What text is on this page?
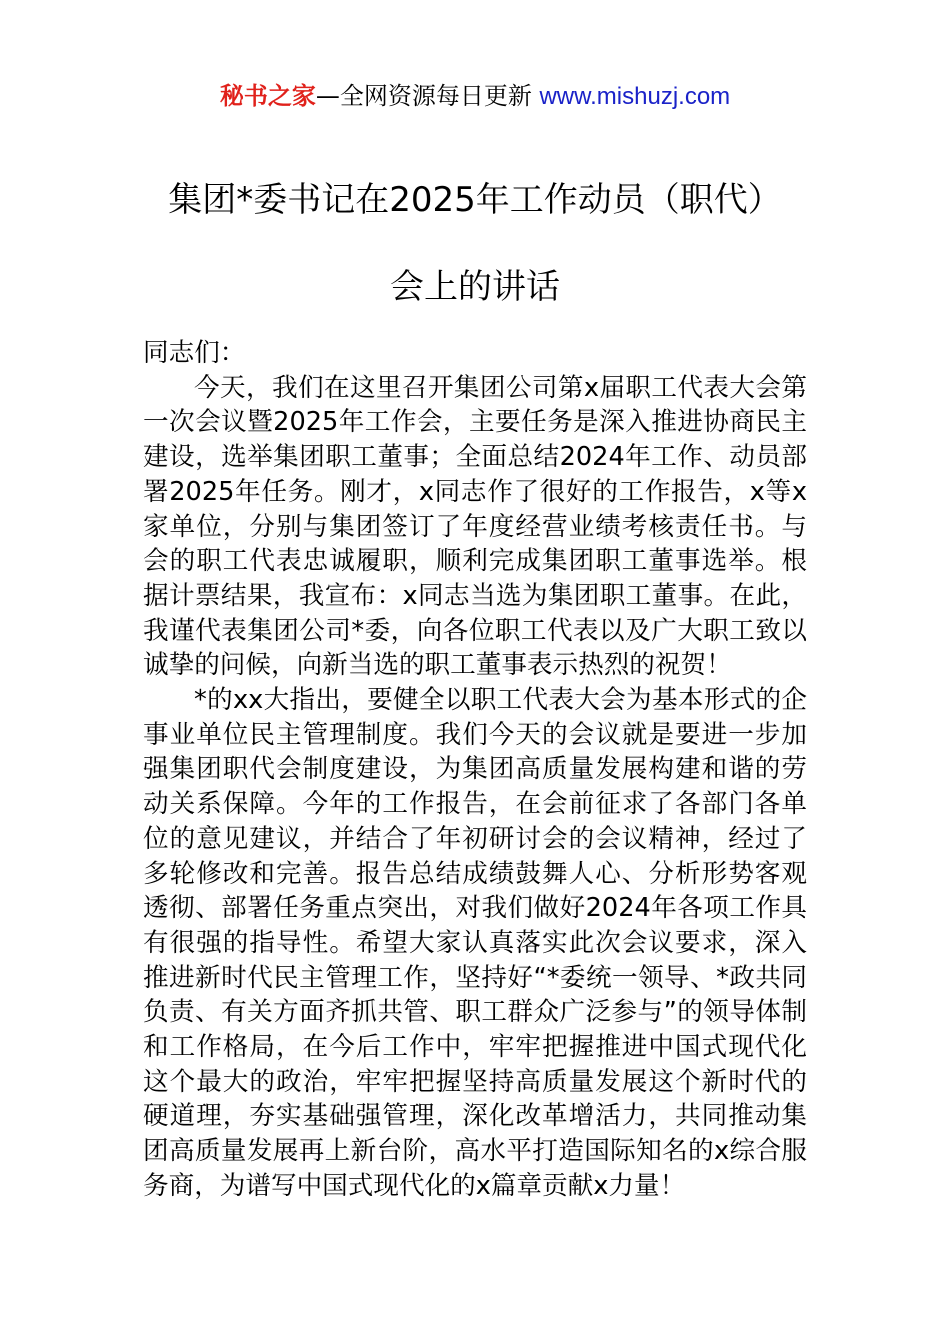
秘书之家—全网资源每日更新 www.mishuzj.com
集团*委书记在2025年工作动员（职代）
会上的讲话

同志们：

今天，我们在这里召开集团公司第x届职工代表大会第一次会议暨2025年工作会，主要任务是深入推进协商民主建设，选举集团职工董事；全面总结2024年工作、动员部署2025年任务。刚才，x同志作了很好的工作报告，x等x家单位，分别与集团签订了年度经营业绩考核责任书。与会的职工代表忠诚履职，顺利完成集团职工董事选举。根据计票结果，我宣布：x同志当选为集团职工董事。在此，我谨代表集团公司*委，向各位职工代表以及广大职工致以诚挚的问候，向新当选的职工董事表示热烈的祝贺！

*的xx大指出，要健全以职工代表大会为基本形式的企事业单位民主管理制度。我们今天的会议就是要进一步加强集团职代会制度建设，为集团高质量发展构建和谐的劳动关系保障。今年的工作报告，在会前征求了各部门各单位的意见建议，并结合了年初研讨会的会议精神，经过了多轮修改和完善。报告总结成绩鼓舞人心、分析形势客观透彻、部署任务重点突出，对我们做好2024年各项工作具有很强的指导性。希望大家认真落实此次会议要求，深入推进新时代民主管理工作，坚持好“*委统一领导、*政共同负责、有关方面齐抓共管、职工群众广泛参与”的领导体制和工作格局，在今后工作中，牢牢把握推进中国式现代化这个最大的政治，牢牢把握坚持高质量发展这个新时代的硬道理，夯实基础强管理，深化改革增活力，共同推动集团高质量发展再上新台阶，高水平打造国际知名的x综合服务商，为谱写中国式现代化的x篇章贡献x力量！
